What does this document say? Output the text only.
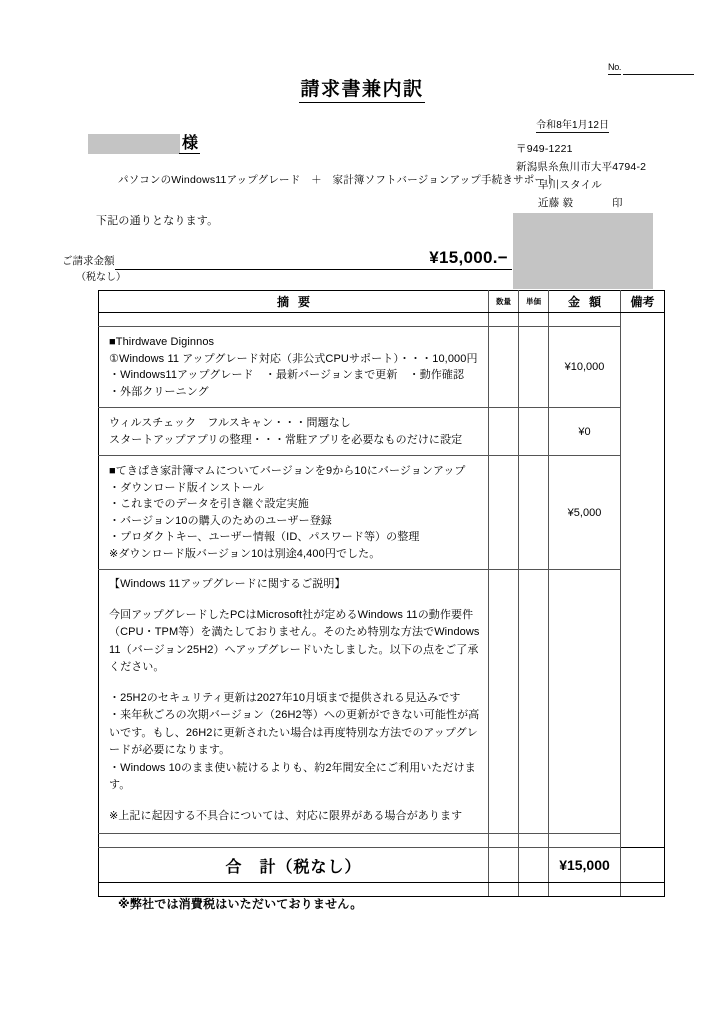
No.
請求書兼内訳
令和8年1月12日
様
パソコンのWindows11アップグレード　＋　家計簿ソフトバージョンアップ手続きサポート
下記の通りとなります。
〒949-1221
新潟県糸魚川市大平4794-2
早川スタイル
近藤 毅	印
ご請求金額	¥15,000.−
（税なし）
摘要	数量	単価	金額	備考

■Thirdwave Diginnos
①Windows 11 アップグレード対応（非公式CPUサポート）・・・10,000円
・Windows11アップグレード　・最新バージョンまで更新　・動作確認
・外部クリーニング			¥10,000	

ウィルスチェック　フルスキャン・・・問題なし
スタートアップアプリの整理・・・常駐アプリを必要なものだけに設定			¥0	

■てきぱき家計簿マムについてバージョンを9から10にバージョンアップ
・ダウンロード版インストール
・これまでのデータを引き継ぐ設定実施
・バージョン10の購入のためのユーザー登録
・プロダクトキー、ユーザー情報（ID、パスワード等）の整理
※ダウンロード版バージョン10は別途4,400円でした。
			¥5,000	

【Windows 11アップグレードに関するご説明】

今回アップグレードしたPCはMicrosoft社が定めるWindows 11の動作要件（CPU・TPM等）を満たしておりません。そのため特別な方法でWindows 11（バージョン25H2）へアップグレードいたしました。以下の点をご了承ください。

・25H2のセキュリティ更新は2027年10月頃まで提供される見込みです

・来年秋ごろの次期バージョン（26H2等）への更新ができない可能性が高いです。もし、26H2に更新されたい場合は再度特別な方法でのアップグレードが必要になります。

・Windows 10のまま使い続けるよりも、約2年間安全にご利用いただけます。

※上記に起因する不具合については、対応に限界がある場合があります

合　計（税なし）			¥15,000	

※弊社では消費税はいただいておりません。
